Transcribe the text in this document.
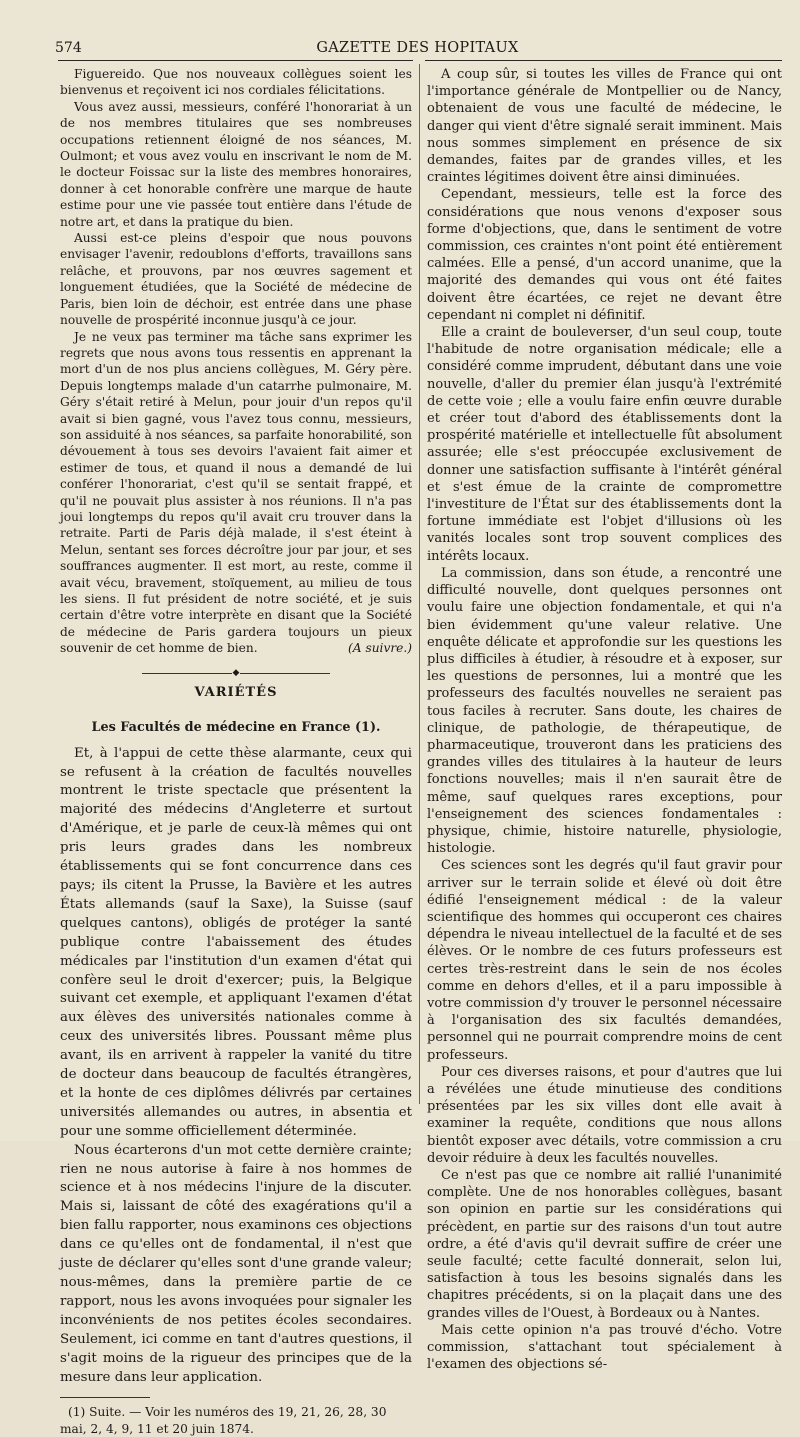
574	GAZETTE DES HOPITAUX

Figuereido. Que nos nouveaux collègues soient les bienvenus et reçoivent ici nos cordiales félicitations.

Vous avez aussi, messieurs, conféré l'honorariat à un de nos membres titulaires que ses nombreuses occupations retiennent éloigné de nos séances, M. Oulmont; et vous avez voulu en inscrivant le nom de M. le docteur Foissac sur la liste des membres honoraires, donner à cet honorable confrère une marque de haute estime pour une vie passée tout entière dans l'étude de notre art, et dans la pratique du bien.

Aussi est-ce pleins d'espoir que nous pouvons envisager l'avenir, redoublons d'efforts, travaillons sans relâche, et prouvons, par nos œuvres sagement et longuement étudiées, que la Société de médecine de Paris, bien loin de déchoir, est entrée dans une phase nouvelle de prospérité inconnue jusqu'à ce jour.

Je ne veux pas terminer ma tâche sans exprimer les regrets que nous avons tous ressentis en apprenant la mort d'un de nos plus anciens collègues, M. Géry père. Depuis longtemps malade d'un catarrhe pulmonaire, M. Géry s'était retiré à Melun, pour jouir d'un repos qu'il avait si bien gagné, vous l'avez tous connu, messieurs, son assiduité à nos séances, sa parfaite honorabilité, son dévouement à tous ses devoirs l'avaient fait aimer et estimer de tous, et quand il nous a demandé de lui conférer l'honorariat, c'est qu'il se sentait frappé, et qu'il ne pouvait plus assister à nos réunions. Il n'a pas joui longtemps du repos qu'il avait cru trouver dans la retraite. Parti de Paris déjà malade, il s'est éteint à Melun, sentant ses forces décroître jour par jour, et ses souffrances augmenter. Il est mort, au reste, comme il avait vécu, bravement, stoïquement, au milieu de tous les siens. Il fut président de notre société, et je suis certain d'être votre interprète en disant que la Société de médecine de Paris gardera toujours un pieux souvenir de cet homme de bien.	(A suivre.)
◆
VARIÉTÉS
Les Facultés de médecine en France (1).

Et, à l'appui de cette thèse alarmante, ceux qui se refusent à la création de facultés nouvelles montrent le triste spectacle que présentent la majorité des médecins d'Angleterre et surtout d'Amérique, et je parle de ceux-là mêmes qui ont pris leurs grades dans les nombreux établissements qui se font concurrence dans ces pays; ils citent la Prusse, la Bavière et les autres États allemands (sauf la Saxe), la Suisse (sauf quelques cantons), obligés de protéger la santé publique contre l'abaissement des études médicales par l'institution d'un examen d'état qui confère seul le droit d'exercer; puis, la Belgique suivant cet exemple, et appliquant l'examen d'état aux élèves des universités nationales comme à ceux des universités libres. Poussant même plus avant, ils en arrivent à rappeler la vanité du titre de docteur dans beaucoup de facultés étrangères, et la honte de ces diplômes délivrés par certaines universités allemandes ou autres, in absentia et pour une somme officiellement déterminée.

Nous écarterons d'un mot cette dernière crainte; rien ne nous autorise à faire à nos hommes de science et à nos médecins l'injure de la discuter. Mais si, laissant de côté des exagérations qu'il a bien fallu rapporter, nous examinons ces objections dans ce qu'elles ont de fondamental, il n'est que juste de déclarer qu'elles sont d'une grande valeur; nous-mêmes, dans la première partie de ce rapport, nous les avons invoquées pour signaler les inconvénients de nos petites écoles secondaires. Seulement, ici comme en tant d'autres questions, il s'agit moins de la rigueur des principes que de la mesure dans leur application.

(1) Suite. — Voir les numéros des 19, 21, 26, 28, 30 mai, 2, 4, 9, 11 et 20 juin 1874.

A coup sûr, si toutes les villes de France qui ont l'importance générale de Montpellier ou de Nancy, obtenaient de vous une faculté de médecine, le danger qui vient d'être signalé serait imminent. Mais nous sommes simplement en présence de six demandes, faites par de grandes villes, et les craintes légitimes doivent être ainsi diminuées.

Cependant, messieurs, telle est la force des considérations que nous venons d'exposer sous forme d'objections, que, dans le sentiment de votre commission, ces craintes n'ont point été entièrement calmées. Elle a pensé, d'un accord unanime, que la majorité des demandes qui vous ont été faites doivent être écartées, ce rejet ne devant être cependant ni complet ni définitif.

Elle a craint de bouleverser, d'un seul coup, toute l'habitude de notre organisation médicale; elle a considéré comme imprudent, débutant dans une voie nouvelle, d'aller du premier élan jusqu'à l'extrémité de cette voie ; elle a voulu faire enfin œuvre durable et créer tout d'abord des établissements dont la prospérité matérielle et intellectuelle fût absolument assurée; elle s'est préoccupée exclusivement de donner une satisfaction suffisante à l'intérêt général et s'est émue de la crainte de compromettre l'investiture de l'État sur des établissements dont la fortune immédiate est l'objet d'illusions où les vanités locales sont trop souvent complices des intérêts locaux.

La commission, dans son étude, a rencontré une difficulté nouvelle, dont quelques personnes ont voulu faire une objection fondamentale, et qui n'a bien évidemment qu'une valeur relative. Une enquête délicate et approfondie sur les questions les plus difficiles à étudier, à résoudre et à exposer, sur les questions de personnes, lui a montré que les professeurs des facultés nouvelles ne seraient pas tous faciles à recruter. Sans doute, les chaires de clinique, de pathologie, de thérapeutique, de pharmaceutique, trouveront dans les praticiens des grandes villes des titulaires à la hauteur de leurs fonctions nouvelles; mais il n'en saurait être de même, sauf quelques rares exceptions, pour l'enseignement des sciences fondamentales : physique, chimie, histoire naturelle, physiologie, histologie.

Ces sciences sont les degrés qu'il faut gravir pour arriver sur le terrain solide et élevé où doit être édifié l'enseignement médical : de la valeur scientifique des hommes qui occuperont ces chaires dépendra le niveau intellectuel de la faculté et de ses élèves. Or le nombre de ces futurs professeurs est certes très-restreint dans le sein de nos écoles comme en dehors d'elles, et il a paru impossible à votre commission d'y trouver le personnel nécessaire à l'organisation des six facultés demandées, personnel qui ne pourrait comprendre moins de cent professeurs.

Pour ces diverses raisons, et pour d'autres que lui a révélées une étude minutieuse des conditions présentées par les six villes dont elle avait à examiner la requête, conditions que nous allons bientôt exposer avec détails, votre commission a cru devoir réduire à deux les facultés nouvelles.

Ce n'est pas que ce nombre ait rallié l'unanimité complète. Une de nos honorables collègues, basant son opinion en partie sur les considérations qui précèdent, en partie sur des raisons d'un tout autre ordre, a été d'avis qu'il devrait suffire de créer une seule faculté; cette faculté donnerait, selon lui, satisfaction à tous les besoins signalés dans les chapitres précédents, si on la plaçait dans une des grandes villes de l'Ouest, à Bordeaux ou à Nantes.

Mais cette opinion n'a pas trouvé d'écho. Votre commission, s'attachant tout spécialement à l'examen des objections sé-
